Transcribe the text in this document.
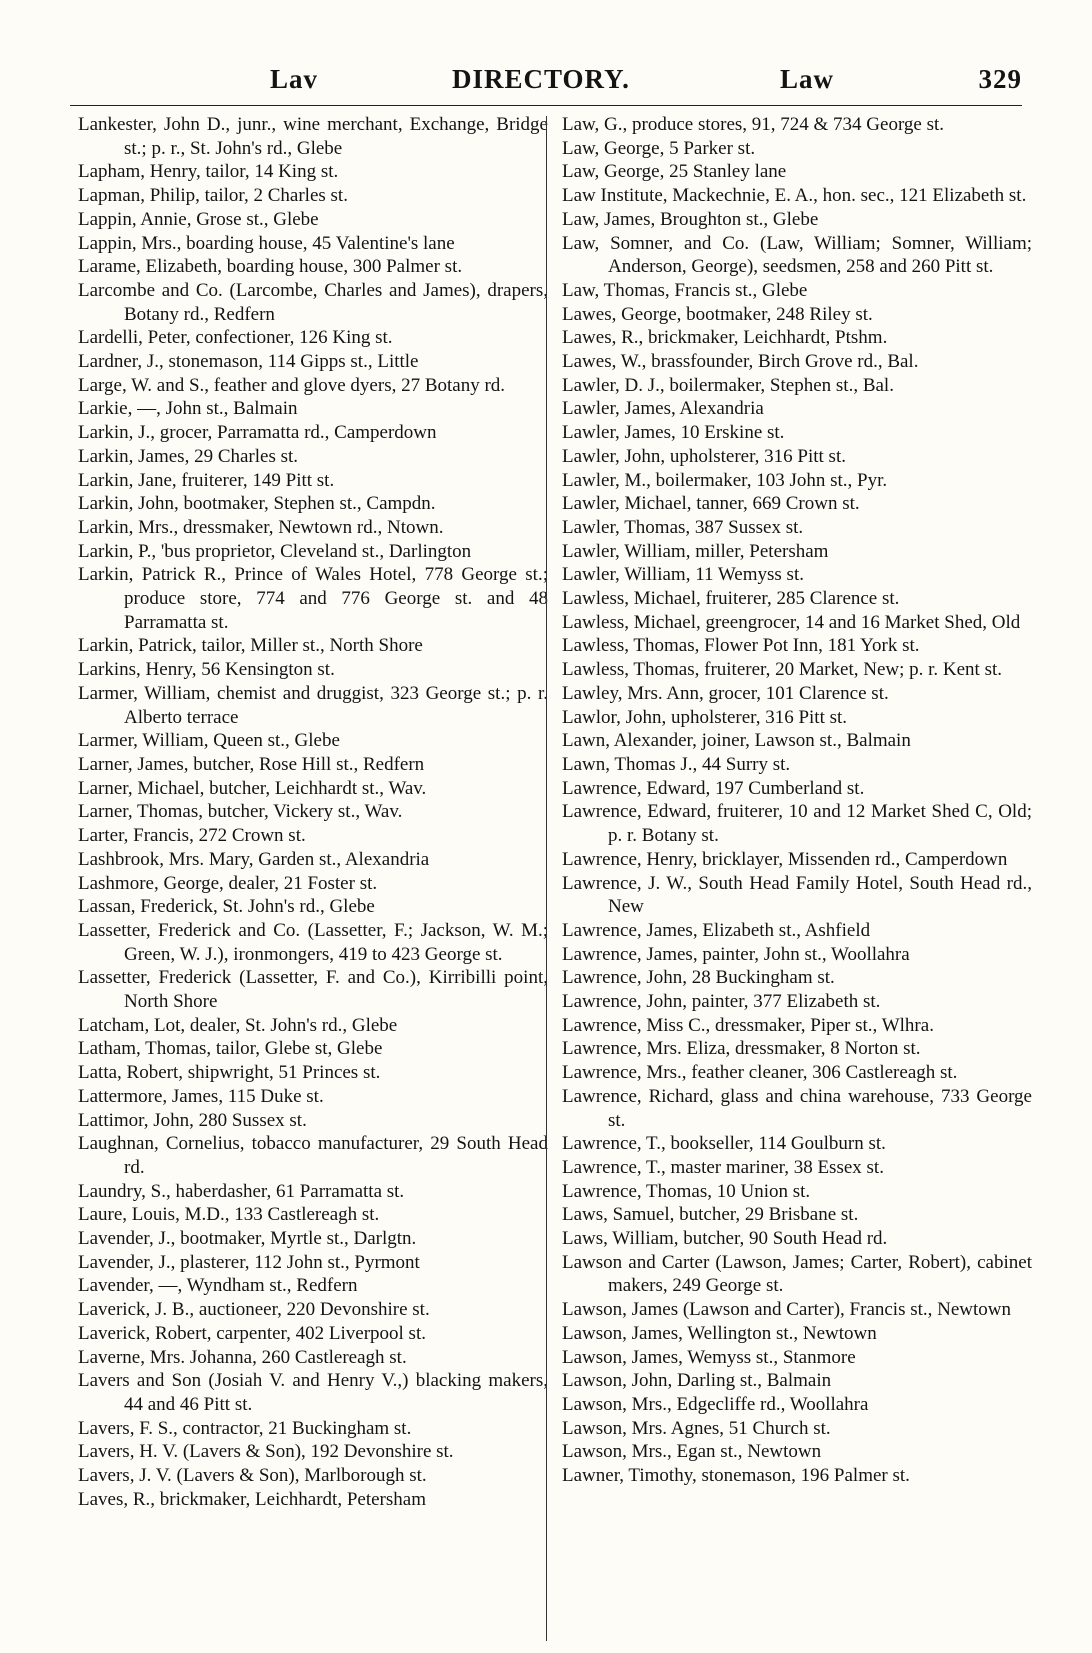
Lav	DIRECTORY.	Law	329
Lankester, John D., junr., wine merchant, Exchange, Bridge st.; p. r., St. John's rd., Glebe
Lapham, Henry, tailor, 14 King st.
Lapman, Philip, tailor, 2 Charles st.
Lappin, Annie, Grose st., Glebe
Lappin, Mrs., boarding house, 45 Valentine's lane
Larame, Elizabeth, boarding house, 300 Palmer st.
Larcombe and Co. (Larcombe, Charles and James), drapers, Botany rd., Redfern
Lardelli, Peter, confectioner, 126 King st.
Lardner, J., stonemason, 114 Gipps st., Little
Large, W. and S., feather and glove dyers, 27 Botany rd.
Larkie, —, John st., Balmain
Larkin, J., grocer, Parramatta rd., Camperdown
Larkin, James, 29 Charles st.
Larkin, Jane, fruiterer, 149 Pitt st.
Larkin, John, bootmaker, Stephen st., Campdn.
Larkin, Mrs., dressmaker, Newtown rd., Ntown.
Larkin, P., 'bus proprietor, Cleveland st., Darlington
Larkin, Patrick R., Prince of Wales Hotel, 778 George st.; produce store, 774 and 776 George st. and 48 Parramatta st.
Larkin, Patrick, tailor, Miller st., North Shore
Larkins, Henry, 56 Kensington st.
Larmer, William, chemist and druggist, 323 George st.; p. r. Alberto terrace
Larmer, William, Queen st., Glebe
Larner, James, butcher, Rose Hill st., Redfern
Larner, Michael, butcher, Leichhardt st., Wav.
Larner, Thomas, butcher, Vickery st., Wav.
Larter, Francis, 272 Crown st.
Lashbrook, Mrs. Mary, Garden st., Alexandria
Lashmore, George, dealer, 21 Foster st.
Lassan, Frederick, St. John's rd., Glebe
Lassetter, Frederick and Co. (Lassetter, F.; Jackson, W. M.; Green, W. J.), ironmongers, 419 to 423 George st.
Lassetter, Frederick (Lassetter, F. and Co.), Kirribilli point, North Shore
Latcham, Lot, dealer, St. John's rd., Glebe
Latham, Thomas, tailor, Glebe st, Glebe
Latta, Robert, shipwright, 51 Princes st.
Lattermore, James, 115 Duke st.
Lattimor, John, 280 Sussex st.
Laughnan, Cornelius, tobacco manufacturer, 29 South Head rd.
Laundry, S., haberdasher, 61 Parramatta st.
Laure, Louis, M.D., 133 Castlereagh st.
Lavender, J., bootmaker, Myrtle st., Darlgtn.
Lavender, J., plasterer, 112 John st., Pyrmont
Lavender, —, Wyndham st., Redfern
Laverick, J. B., auctioneer, 220 Devonshire st.
Laverick, Robert, carpenter, 402 Liverpool st.
Laverne, Mrs. Johanna, 260 Castlereagh st.
Lavers and Son (Josiah V. and Henry V.,) blacking makers, 44 and 46 Pitt st.
Lavers, F. S., contractor, 21 Buckingham st.
Lavers, H. V. (Lavers & Son), 192 Devonshire st.
Lavers, J. V. (Lavers & Son), Marlborough st.
Laves, R., brickmaker, Leichhardt, Petersham
Law, G., produce stores, 91, 724 & 734 George st.
Law, George, 5 Parker st.
Law, George, 25 Stanley lane
Law Institute, Mackechnie, E. A., hon. sec., 121 Elizabeth st.
Law, James, Broughton st., Glebe
Law, Somner, and Co. (Law, William; Somner, William; Anderson, George), seedsmen, 258 and 260 Pitt st.
Law, Thomas, Francis st., Glebe
Lawes, George, bootmaker, 248 Riley st.
Lawes, R., brickmaker, Leichhardt, Ptshm.
Lawes, W., brassfounder, Birch Grove rd., Bal.
Lawler, D. J., boilermaker, Stephen st., Bal.
Lawler, James, Alexandria
Lawler, James, 10 Erskine st.
Lawler, John, upholsterer, 316 Pitt st.
Lawler, M., boilermaker, 103 John st., Pyr.
Lawler, Michael, tanner, 669 Crown st.
Lawler, Thomas, 387 Sussex st.
Lawler, William, miller, Petersham
Lawler, William, 11 Wemyss st.
Lawless, Michael, fruiterer, 285 Clarence st.
Lawless, Michael, greengrocer, 14 and 16 Market Shed, Old
Lawless, Thomas, Flower Pot Inn, 181 York st.
Lawless, Thomas, fruiterer, 20 Market, New; p. r. Kent st.
Lawley, Mrs. Ann, grocer, 101 Clarence st.
Lawlor, John, upholsterer, 316 Pitt st.
Lawn, Alexander, joiner, Lawson st., Balmain
Lawn, Thomas J., 44 Surry st.
Lawrence, Edward, 197 Cumberland st.
Lawrence, Edward, fruiterer, 10 and 12 Market Shed C, Old; p. r. Botany st.
Lawrence, Henry, bricklayer, Missenden rd., Camperdown
Lawrence, J. W., South Head Family Hotel, South Head rd., New
Lawrence, James, Elizabeth st., Ashfield
Lawrence, James, painter, John st., Woollahra
Lawrence, John, 28 Buckingham st.
Lawrence, John, painter, 377 Elizabeth st.
Lawrence, Miss C., dressmaker, Piper st., Wlhra.
Lawrence, Mrs. Eliza, dressmaker, 8 Norton st.
Lawrence, Mrs., feather cleaner, 306 Castlereagh st.
Lawrence, Richard, glass and china warehouse, 733 George st.
Lawrence, T., bookseller, 114 Goulburn st.
Lawrence, T., master mariner, 38 Essex st.
Lawrence, Thomas, 10 Union st.
Laws, Samuel, butcher, 29 Brisbane st.
Laws, William, butcher, 90 South Head rd.
Lawson and Carter (Lawson, James; Carter, Robert), cabinet makers, 249 George st.
Lawson, James (Lawson and Carter), Francis st., Newtown
Lawson, James, Wellington st., Newtown
Lawson, James, Wemyss st., Stanmore
Lawson, John, Darling st., Balmain
Lawson, Mrs., Edgecliffe rd., Woollahra
Lawson, Mrs. Agnes, 51 Church st.
Lawson, Mrs., Egan st., Newtown
Lawner, Timothy, stonemason, 196 Palmer st.
